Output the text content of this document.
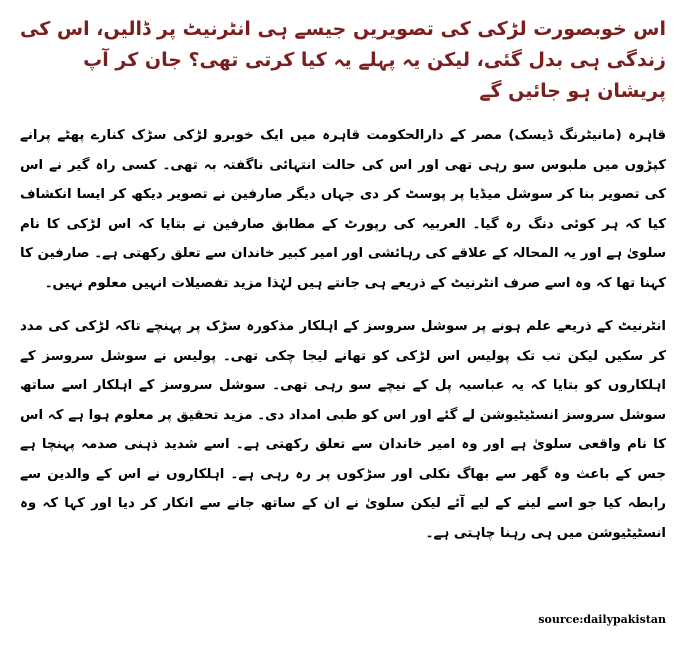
اس خوبصورت لڑکی کی تصویریں جیسے ہی انٹرنیٹ پر ڈالیں، اس کی زندگی ہی بدل گئی، لیکن یہ پہلے یہ کیا کرتی تھی؟ جان کر آپ پریشان ہو جائیں گے

قاہرہ (مانیٹرنگ ڈیسک) مصر کے دارالحکومت قاہرہ میں ایک خوبرو لڑکی سڑک کنارے پھٹے پرانے کپڑوں میں ملبوس سو رہی تھی اور اس کی حالت انتہائی ناگفتہ بہ تھی۔ کسی راہ گیر نے اس کی تصویر بنا کر سوشل میڈیا پر پوسٹ کر دی جہاں دیگر صارفین نے تصویر دیکھ کر ایسا انکشاف کیا کہ ہر کوئی دنگ رہ گیا۔ العربیہ کی رپورٹ کے مطابق صارفین نے بتایا کہ اس لڑکی کا نام سلویٰ ہے اور یہ المحالہ کے علاقے کی رہائشی اور امیر کبیر خاندان سے تعلق رکھتی ہے۔ صارفین کا کہنا تھا کہ وہ اسے صرف انٹرنیٹ کے ذریعے ہی جانتے ہیں لہٰذا مزید تفصیلات انہیں معلوم نہیں۔

انٹرنیٹ کے ذریعے علم ہونے پر سوشل سروسز کے اہلکار مذکورہ سڑک پر پہنچے تاکہ لڑکی کی مدد کر سکیں لیکن تب تک پولیس اس لڑکی کو تھانے لیجا چکی تھی۔ پولیس نے سوشل سروسز کے اہلکاروں کو بتایا کہ یہ عباسیہ پل کے نیچے سو رہی تھی۔ سوشل سروسز کے اہلکار اسے ساتھ سوشل سروسز انسٹیٹیوشن لے گئے اور اس کو طبی امداد دی۔ مزید تحقیق پر معلوم ہوا ہے کہ اس کا نام واقعی سلویٰ ہے اور وہ امیر خاندان سے تعلق رکھتی ہے۔ اسے شدید ذہنی صدمہ پہنچا ہے جس کے باعث وہ گھر سے بھاگ نکلی اور سڑکوں پر رہ رہی ہے۔ اہلکاروں نے اس کے والدین سے رابطہ کیا جو اسے لینے کے لیے آئے لیکن سلویٰ نے ان کے ساتھ جانے سے انکار کر دیا اور کہا کہ وہ انسٹیٹیوشن میں ہی رہنا چاہتی ہے۔

source:dailypakistan
